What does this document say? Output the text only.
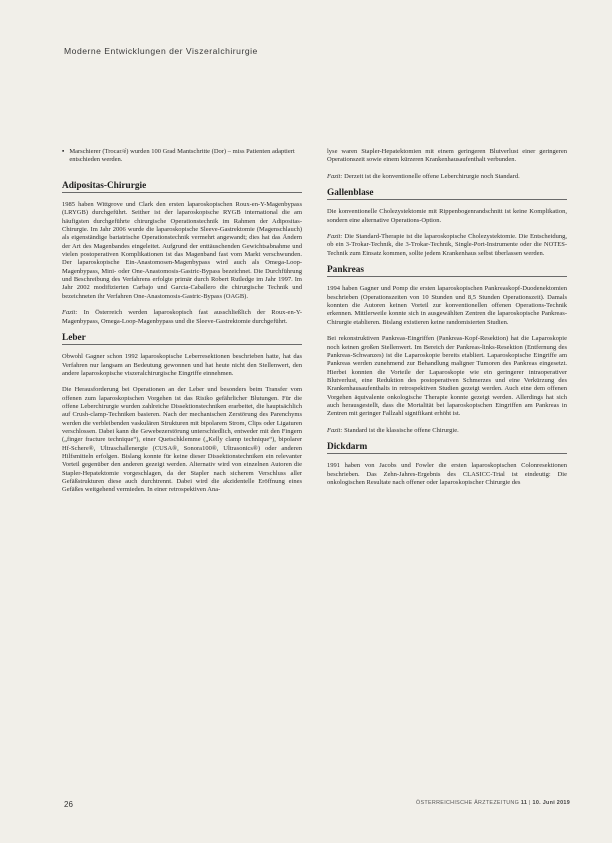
Moderne Entwicklungen der Viszeralchirurgie
▪ Marschierer (Trocar/é) wurden 100 Grad Mantschritte (Dor) – miss Patienten adaptiert entschieden werden.
Adipositas-Chirurgie

1985 haben Wittgrove und Clark den ersten laparoskopischen Roux-en-Y-Magenbypass (LRYGB) durchgeführt. Seither ist der laparoskopische RYGB international die am häufigsten durchgeführte chirurgische Operationstechnik im Rahmen der Adipositas-Chirurgie. Im Jahr 2006 wurde die laparoskopische Sleeve-Gastrektomie (Magenschlauch) als eigenständige bariatrische Operationstechnik vermehrt angewandt; dies hat das Ändern der Art des Magenbandes eingeleitet. Aufgrund der enttäuschenden Gewichtsabnahme und vielen postoperativen Komplikationen ist das Magenband fast vom Markt verschwunden. Der laparoskopische Ein-Anastomosen-Magenbypass wird auch als Omega-Loop-Magenbypass, Mini- oder One-Anastomosis-Gastric-Bypass bezeichnet. Die Durchführung und Beschreibung des Verfahrens erfolgte primär durch Robert Rutledge im Jahr 1997. Im Jahr 2002 modifizierten Carbajo und Garcia-Caballero die chirurgische Technik und bezeichneten ihr Verfahren One-Anastomosis-Gastric-Bypass (OAGB).

Fazit: In Österreich werden laparoskopisch fast ausschließlich der Roux-en-Y-Magenbypass, Omega-Loop-Magenbypass und die Sleeve-Gastrektomie durchgeführt.

Leber

Obwohl Gagner schon 1992 laparoskopische Leberresektionen beschrieben hatte, hat das Verfahren nur langsam an Bedeutung gewonnen und hat heute nicht den Stellenwert, den andere laparoskopische viszeralchirurgische Eingriffe einnehmen.

Die Herausforderung bei Operationen an der Leber und besonders beim Transfer vom offenen zum laparoskopischen Vorgehen ist das Risiko gefährlicher Blutungen. Für die offene Leberchirurgie wurden zahlreiche Dissektionstechniken erarbeitet, die hauptsächlich auf Crush-clamp-Techniken basieren. Nach der mechanischen Zerstörung des Parenchyms werden die verbleibenden vaskulären Strukturen mit bipolarem Strom, Clips oder Ligaturen verschlossen. Dabei kann die Gewebezerstörung unterschiedlich, entweder mit den Fingern („finger fracture technique“), einer Quetschklemme („Kelly clamp technique“), bipolarer Hf-Schere®, Ultraschallenergie (CUSA®, Sonora100®, Ultrasonics®) oder anderen Hilfsmitteln erfolgen. Bislang konnte für keine dieser Dissektionstechniken ein relevanter Vorteil gegenüber den anderen gezeigt werden. Alternativ wird von einzelnen Autoren die Stapler-Hepatektomie vorgeschlagen, da der Stapler nach sicherem Verschluss aller Gefäßstrukturen diese auch durchtrennt. Dabei wird die akzidentelle Eröffnung eines Gefäßes weitgehend vermieden. In einer retrospektiven Ana-

lyse waren Stapler-Hepatektomien mit einem geringeren Blutverlust einer geringeren Operationszeit sowie einem kürzeren Krankenhausaufenthalt verbunden.

Fazit: Derzeit ist die konventionelle offene Leberchirurgie noch Standard.

Gallenblase

Die konventionelle Cholezystektomie mit Rippenbogenrandschnitt ist keine Komplikation, sondern eine alternative Operations-Option.

Fazit: Die Standard-Therapie ist die laparoskopische Cholezystektomie. Die Entscheidung, ob ein 3-Trokar-Technik, die 3-Trokar-Technik, Single-Port-Instrumente oder die NOTES-Technik zum Einsatz kommen, sollte jedem Krankenhaus selbst überlassen werden.

Pankreas

1994 haben Gagner und Pomp die ersten laparoskopischen Pankreaskopf-Duodenektomien beschrieben (Operationszeiten von 10 Stunden und 8,5 Stunden Operationszeit). Damals konnten die Autoren keinen Vorteil zur konventionellen offenen Operations-Technik erkennen. Mittlerweile konnte sich in ausgewählten Zentren die laparoskopische Pankreas-Chirurgie etablieren. Bislang existieren keine randomisierten Studien.

Bei rekonstruktiven Pankreas-Eingriffen (Pankreas-Kopf-Resektion) hat die Laparoskopie noch keinen großen Stellenwert. Im Bereich der Pankreas-links-Resektion (Entfernung des Pankreas-Schwanzes) ist die Laparoskopie bereits etabliert. Laparoskopische Eingriffe am Pankreas werden zunehmend zur Behandlung maligner Tumoren des Pankreas eingesetzt. Hierbei konnten die Vorteile der Laparoskopie wie ein geringerer intraoperativer Blutverlust, eine Reduktion des postoperativen Schmerzes und eine Verkürzung des Krankenhausaufenthalts in retrospektiven Studien gezeigt werden. Auch eine dem offenen Vorgehen äquivalente onkologische Therapie konnte gezeigt werden. Allerdings hat sich auch herausgestellt, dass die Mortalität bei laparoskopischen Eingriffen am Pankreas in Zentren mit geringer Fallzahl signifikant erhöht ist.

Fazit: Standard ist die klassische offene Chirurgie.

Dickdarm

1991 haben von Jacobs und Fowler die ersten laparoskopischen Colonresektionen beschrieben. Das Zehn-Jahres-Ergebnis des CLASICC-Trial ist eindeutig: Die onkologischen Resultate nach offener oder laparoskopischer Chirurgie des

26	ÖSTERREICHISCHE ÄRZTEZEITUNG 11 | 10. Juni 2019
